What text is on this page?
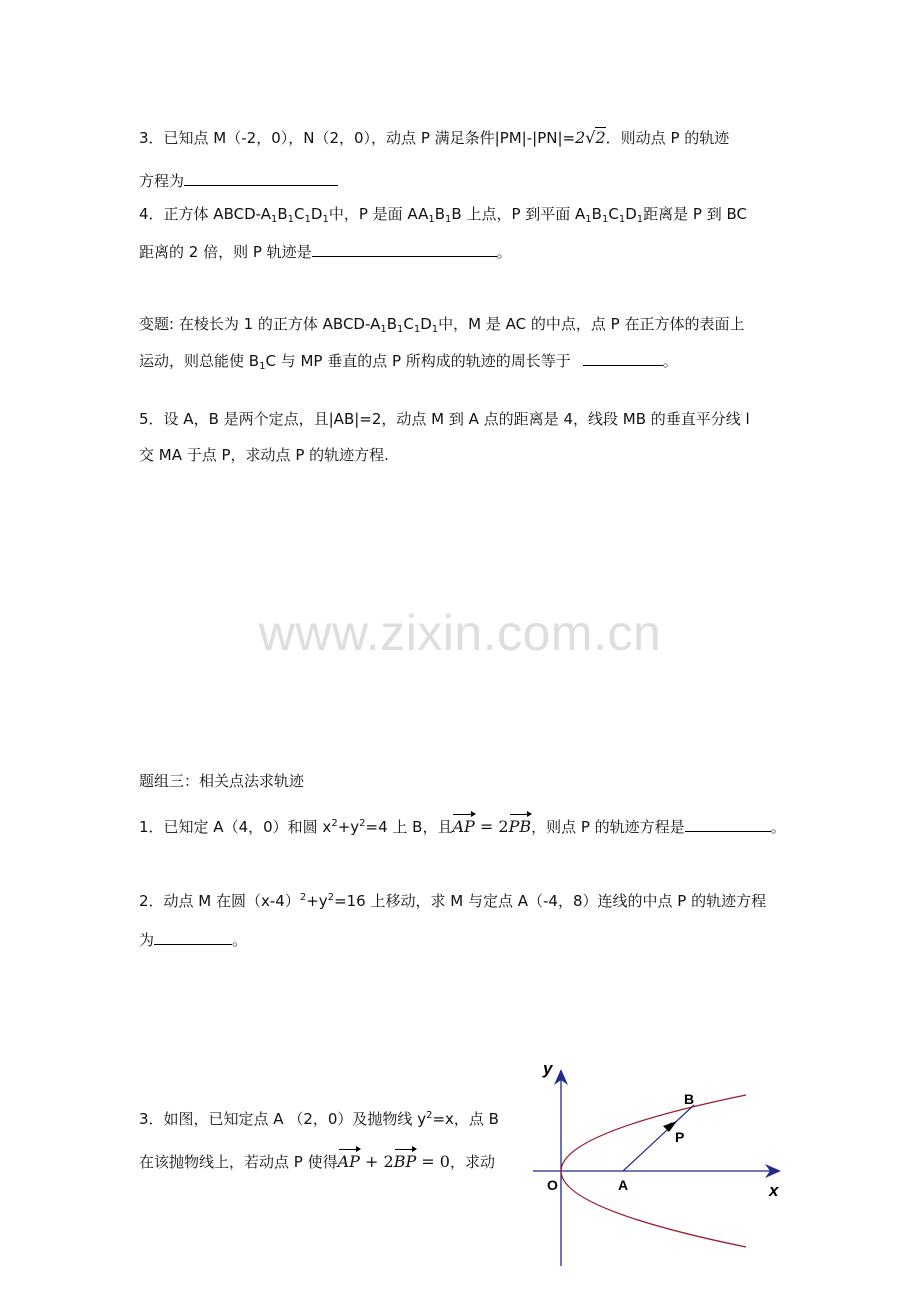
3．已知点 M（-2，0），N（2，0），动点 P 满足条件|PM|-|PN|=2√2．则动点 P 的轨迹
方程为
4．正方体 ABCD-$A_1B_1C_1D_1$中，P 是面 $AA_1B_1B$ 上点，P 到平面 $A_1B_1C_1D_1$距离是 P 到 BC
距离的 2 倍，则 P 轨迹是	。
变题: 在棱长为 1 的正方体 ABCD-$A_1B_1C_1D_1$中，M 是 AC 的中点，点 P 在正方体的表面上
运动，则总能使 $B_1C$ 与 MP 垂直的点 P 所构成的轨迹的周长等于	。
5．设 A，B 是两个定点，且|AB|=2，动点 M 到 A 点的距离是 4，线段 MB 的垂直平分线 l
交 MA 于点 P，求动点 P 的轨迹方程.
www.zixin.com.cn
题组三：相关点法求轨迹
1．已知定 A（4，0）和圆 $x^2+y^2=4$ 上 B，且AP = 2PB，则点 P 的轨迹方程是	。
2．动点 M 在圆$(x-4)^2+y^2=16$ 上移动，求 M 与定点 A（-4，8）连线的中点 P 的轨迹方程
为	。
3．如图，已知定点 A （2，0）及抛物线 $y^2=x$，点 B
在该抛物线上，若动点 P 使得AP + 2BP = 0，求动
y
x
O	A
B
P
